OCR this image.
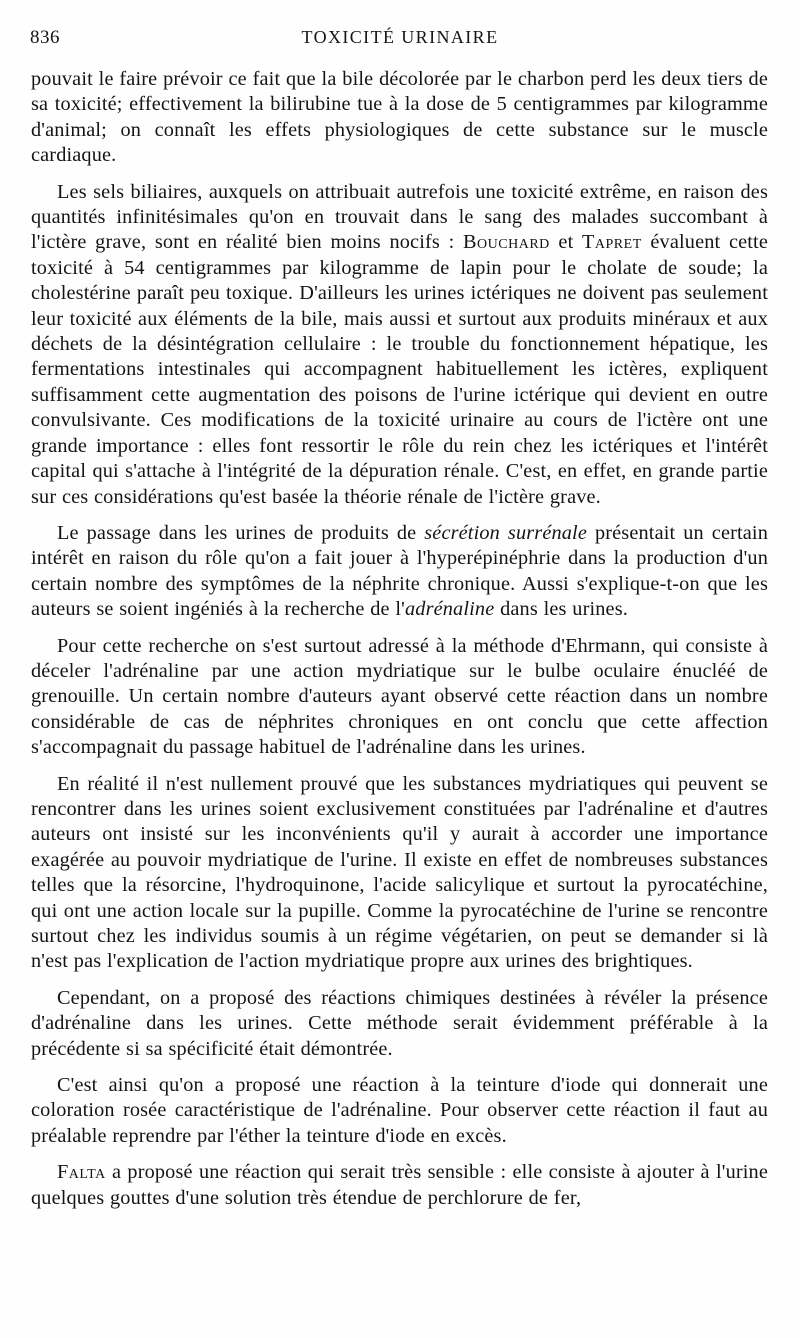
836	TOXICITÉ URINAIRE

pouvait le faire prévoir ce fait que la bile décolorée par le charbon perd les deux tiers de sa toxicité; effectivement la bilirubine tue à la dose de 5 centigrammes par kilogramme d'animal; on connaît les effets physiologiques de cette substance sur le muscle cardiaque.

Les sels biliaires, auxquels on attribuait autrefois une toxicité extrême, en raison des quantités infinitésimales qu'on en trouvait dans le sang des malades succombant à l'ictère grave, sont en réalité bien moins nocifs : Bouchard et Tapret évaluent cette toxicité à 54 centigrammes par kilogramme de lapin pour le cholate de soude; la cholestérine paraît peu toxique. D'ailleurs les urines ictériques ne doivent pas seulement leur toxicité aux éléments de la bile, mais aussi et surtout aux produits minéraux et aux déchets de la désintégration cellulaire : le trouble du fonctionnement hépatique, les fermentations intestinales qui accompagnent habituellement les ictères, expliquent suffisamment cette augmentation des poisons de l'urine ictérique qui devient en outre convulsivante. Ces modifications de la toxicité urinaire au cours de l'ictère ont une grande importance : elles font ressortir le rôle du rein chez les ictériques et l'intérêt capital qui s'attache à l'intégrité de la dépuration rénale. C'est, en effet, en grande partie sur ces considérations qu'est basée la théorie rénale de l'ictère grave.

Le passage dans les urines de produits de sécrétion surrénale présentait un certain intérêt en raison du rôle qu'on a fait jouer à l'hyperépinéphrie dans la production d'un certain nombre des symptômes de la néphrite chronique. Aussi s'explique-t-on que les auteurs se soient ingéniés à la recherche de l'adrénaline dans les urines.

Pour cette recherche on s'est surtout adressé à la méthode d'Ehrmann, qui consiste à déceler l'adrénaline par une action mydriatique sur le bulbe oculaire énucléé de grenouille. Un certain nombre d'auteurs ayant observé cette réaction dans un nombre considérable de cas de néphrites chroniques en ont conclu que cette affection s'accompagnait du passage habituel de l'adrénaline dans les urines.

En réalité il n'est nullement prouvé que les substances mydriatiques qui peuvent se rencontrer dans les urines soient exclusivement constituées par l'adrénaline et d'autres auteurs ont insisté sur les inconvénients qu'il y aurait à accorder une importance exagérée au pouvoir mydriatique de l'urine. Il existe en effet de nombreuses substances telles que la résorcine, l'hydroquinone, l'acide salicylique et surtout la pyrocatéchine, qui ont une action locale sur la pupille. Comme la pyrocatéchine de l'urine se rencontre surtout chez les individus soumis à un régime végétarien, on peut se demander si là n'est pas l'explication de l'action mydriatique propre aux urines des brightiques.

Cependant, on a proposé des réactions chimiques destinées à révéler la présence d'adrénaline dans les urines. Cette méthode serait évidemment préférable à la précédente si sa spécificité était démontrée.

C'est ainsi qu'on a proposé une réaction à la teinture d'iode qui donnerait une coloration rosée caractéristique de l'adrénaline. Pour observer cette réaction il faut au préalable reprendre par l'éther la teinture d'iode en excès.

Falta a proposé une réaction qui serait très sensible : elle consiste à ajouter à l'urine quelques gouttes d'une solution très étendue de perchlorure de fer,
